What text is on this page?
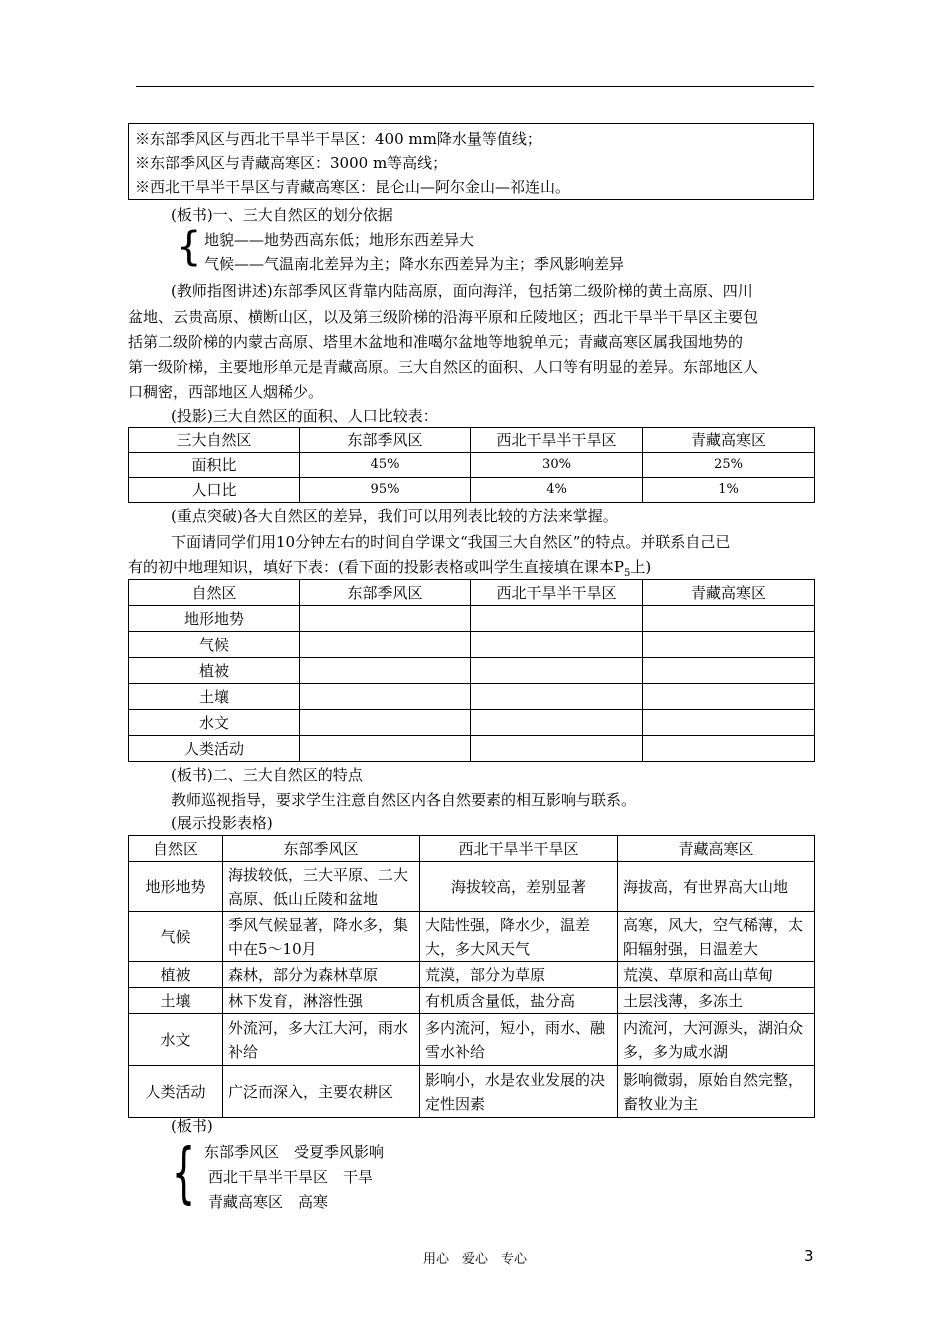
※东部季风区与西北干旱半干旱区：400 mm降水量等值线；
※东部季风区与青藏高寒区：3000 m等高线；
※西北干旱半干旱区与青藏高寒区：昆仑山—阿尔金山—祁连山。
(板书)一、三大自然区的划分依据
{ 地貌——地势西高东低；地形东西差异大
气候——气温南北差异为主；降水东西差异为主；季风影响差异
(教师指图讲述)东部季风区背靠内陆高原，面向海洋，包括第二级阶梯的黄土高原、四川
盆地、云贵高原、横断山区，以及第三级阶梯的沿海平原和丘陵地区；西北干旱半干旱区主要包
括第二级阶梯的内蒙古高原、塔里木盆地和准噶尔盆地等地貌单元；青藏高寒区属我国地势的
第一级阶梯，主要地形单元是青藏高原。三大自然区的面积、人口等有明显的差异。东部地区人
口稠密，西部地区人烟稀少。
(投影)三大自然区的面积、人口比较表：
三大自然区	东部季风区	西北干旱半干旱区	青藏高寒区
面积比	45%	30%	25%
人口比	95%	4%	1%
(重点突破)各大自然区的差异，我们可以用列表比较的方法来掌握。
下面请同学们用10分钟左右的时间自学课文“我国三大自然区”的特点。并联系自己已
有的初中地理知识，填好下表：(看下面的投影表格或叫学生直接填在课本$P_5$上)
自然区	东部季风区	西北干旱半干旱区	青藏高寒区
地形地势			
气候			
植被			
土壤			
水文			
人类活动			
(板书)二、三大自然区的特点
教师巡视指导，要求学生注意自然区内各自然要素的相互影响与联系。
(展示投影表格)
自然区	东部季风区	西北干旱半干旱区	青藏高寒区
地形地势	海拔较低，三大平原、二大高原、低山丘陵和盆地	海拔较高，差别显著	海拔高，有世界高大山地
气候	季风气候显著，降水多，集中在5～10月	大陆性强，降水少，温差大，多大风天气	高寒，风大，空气稀薄，太阳辐射强，日温差大
植被	森林，部分为森林草原	荒漠，部分为草原	荒漠、草原和高山草甸
土壤	林下发育，淋溶性强	有机质含量低，盐分高	土层浅薄，多冻土
水文	外流河，多大江大河，雨水补给	多内流河，短小，雨水、融雪水补给	内流河，大河源头，湖泊众多，多为咸水湖
人类活动	广泛而深入，主要农耕区	影响小，水是农业发展的决定性因素	影响微弱，原始自然完整，畜牧业为主
(板书)
{ 东部季风区　受夏季风影响
西北干旱半干旱区　干旱
青藏高寒区　高寒
用心　爱心　专心	3
